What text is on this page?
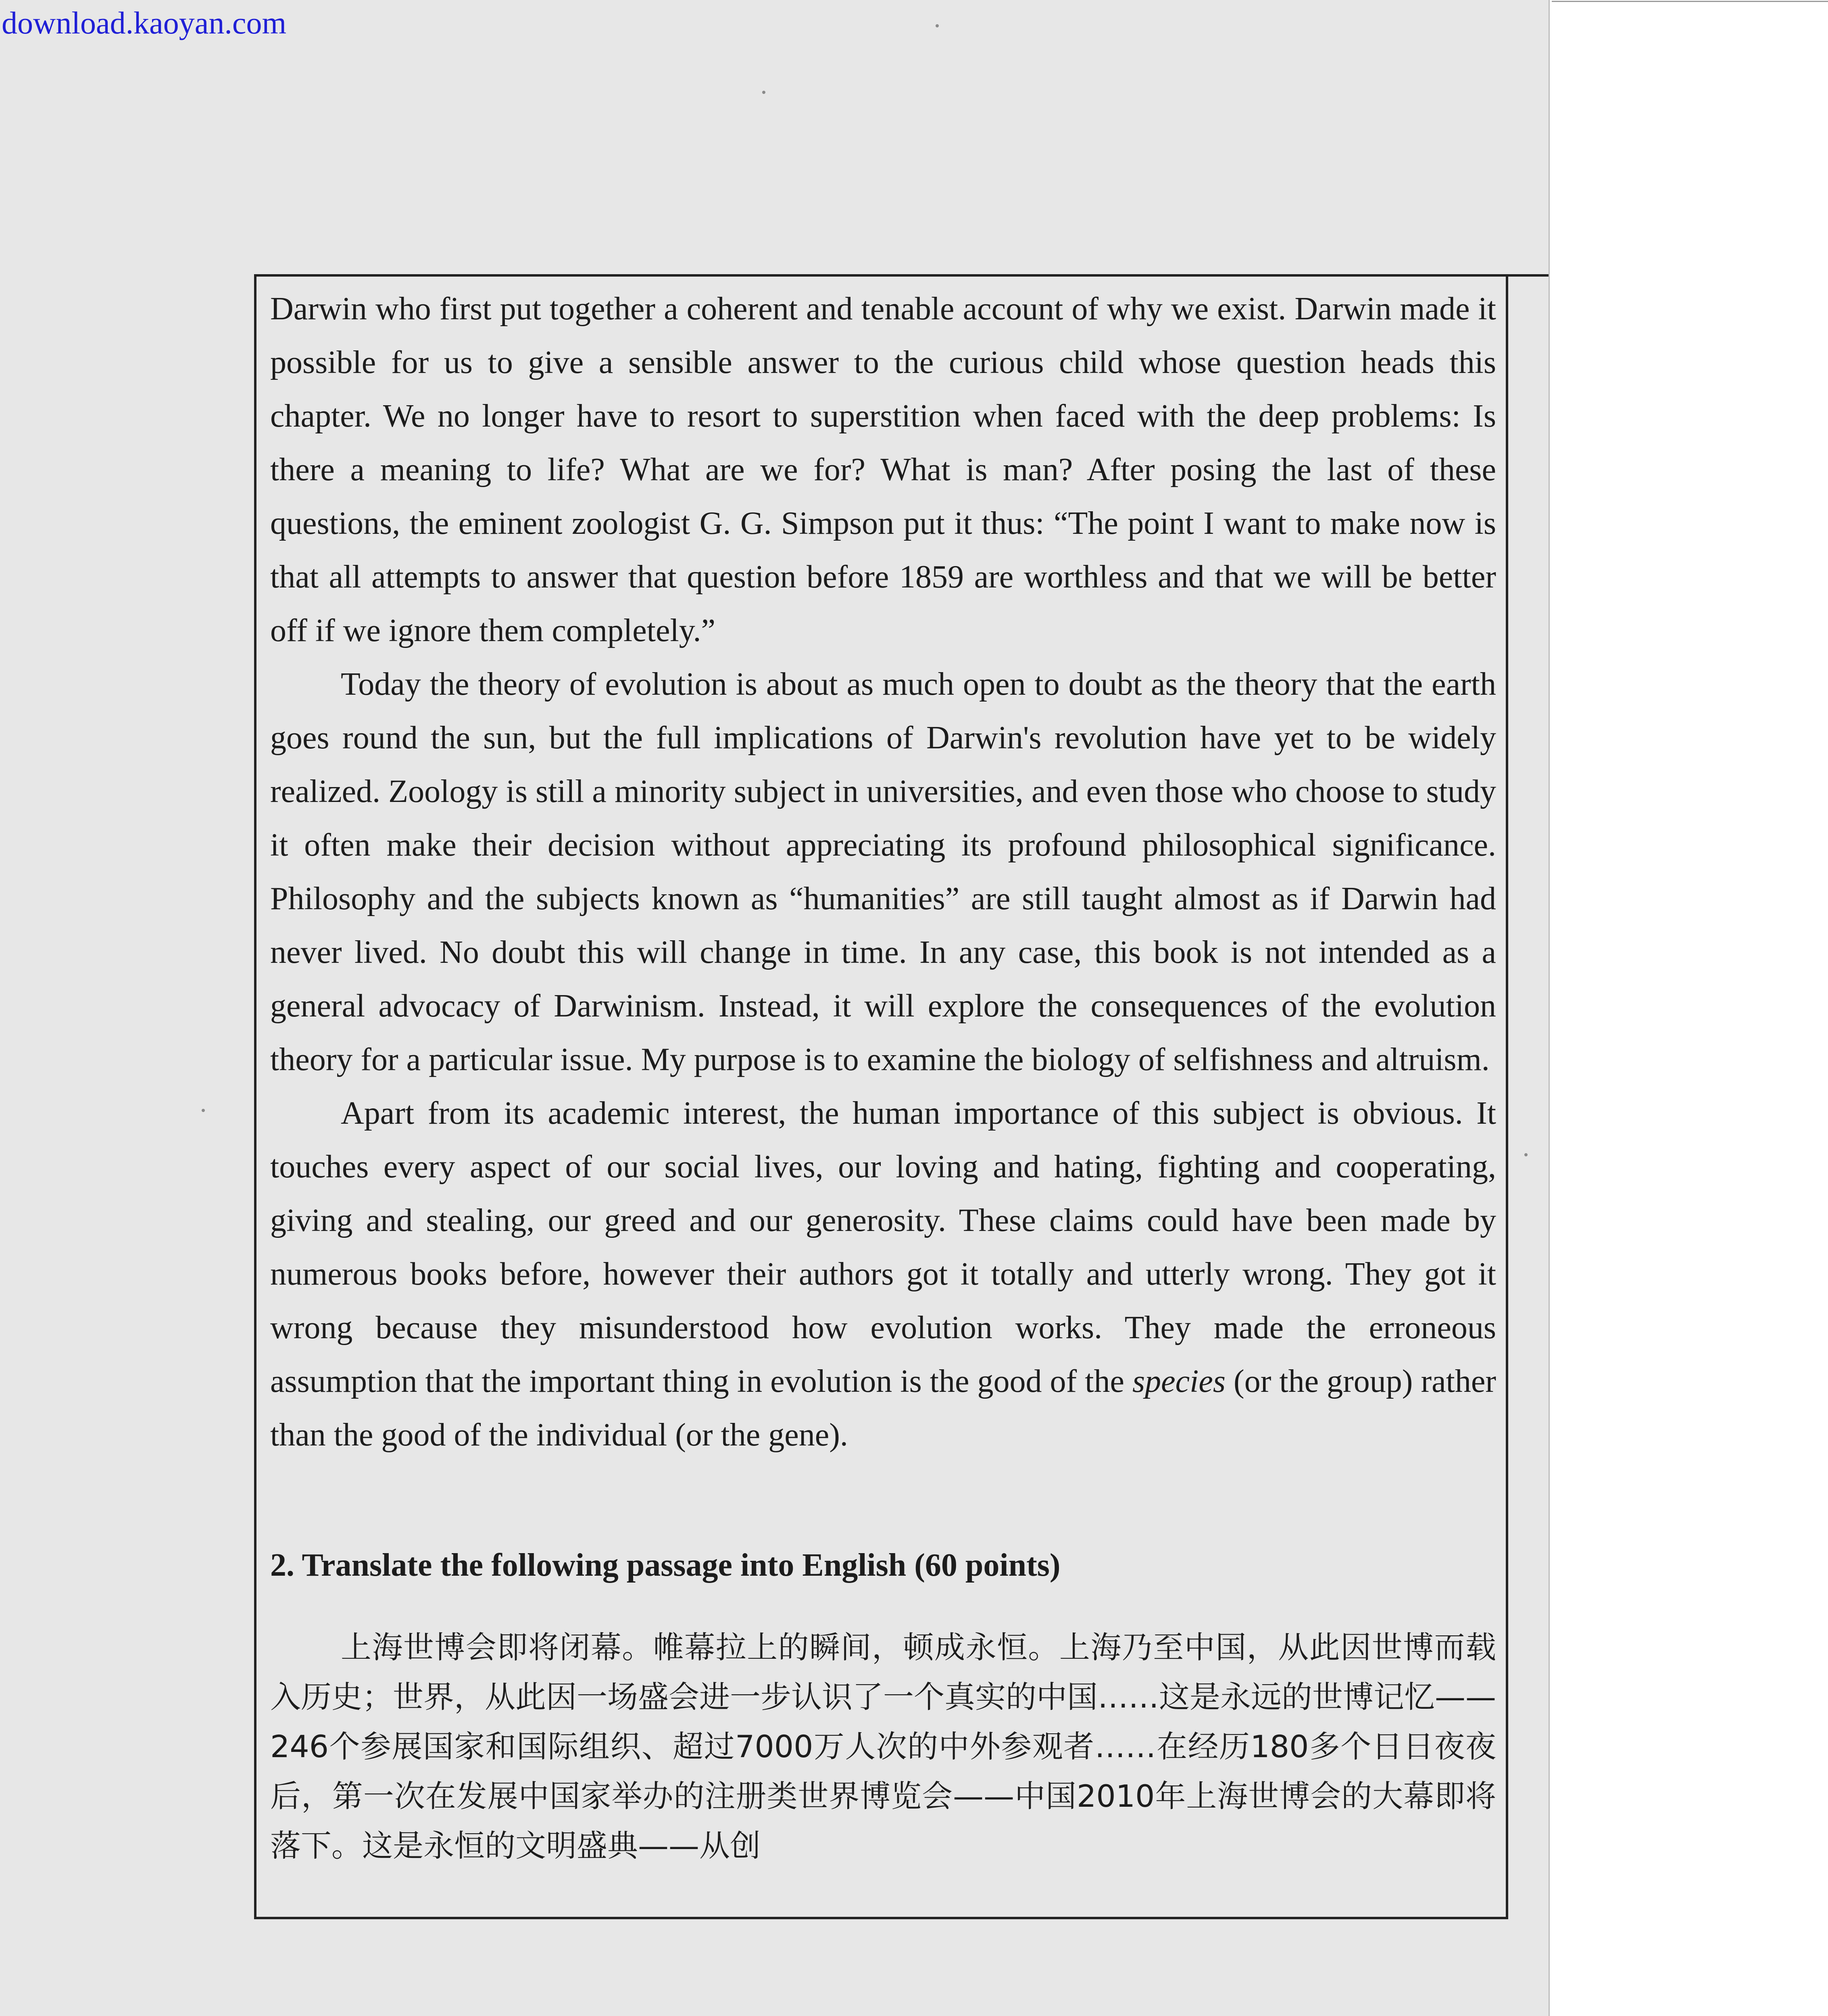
download.kaoyan.com

Darwin who first put together a coherent and tenable account of why we exist. Darwin made it possible for us to give a sensible answer to the curious child whose question heads this chapter. We no longer have to resort to superstition when faced with the deep problems: Is there a meaning to life? What are we for? What is man? After posing the last of these questions, the eminent zoologist G. G. Simpson put it thus: “The point I want to make now is that all attempts to answer that question before 1859 are worthless and that we will be better off if we ignore them completely.”

Today the theory of evolution is about as much open to doubt as the theory that the earth goes round the sun, but the full implications of Darwin's revolution have yet to be widely realized. Zoology is still a minority subject in universities, and even those who choose to study it often make their decision without appreciating its profound philosophical significance. Philosophy and the subjects known as “humanities” are still taught almost as if Darwin had never lived. No doubt this will change in time. In any case, this book is not intended as a general advocacy of Darwinism. Instead, it will explore the consequences of the evolution theory for a particular issue. My purpose is to examine the biology of selfishness and altruism.

Apart from its academic interest, the human importance of this subject is obvious. It touches every aspect of our social lives, our loving and hating, fighting and cooperating, giving and stealing, our greed and our generosity. These claims could have been made by numerous books before, however their authors got it totally and utterly wrong. They got it wrong because they misunderstood how evolution works. They made the erroneous assumption that the important thing in evolution is the good of the species (or the group) rather than the good of the individual (or the gene).

2. Translate the following passage into English (60 points)

上海世博会即将闭幕。帷幕拉上的瞬间，顿成永恒。上海乃至中国，从此因世博而载入历史；世界，从此因一场盛会进一步认识了一个真实的中国……这是永远的世博记忆——246个参展国家和国际组织、超过7000万人次的中外参观者……在经历180多个日日夜夜后，第一次在发展中国家举办的注册类世界博览会——中国2010年上海世博会的大幕即将落下。这是永恒的文明盛典——从创
